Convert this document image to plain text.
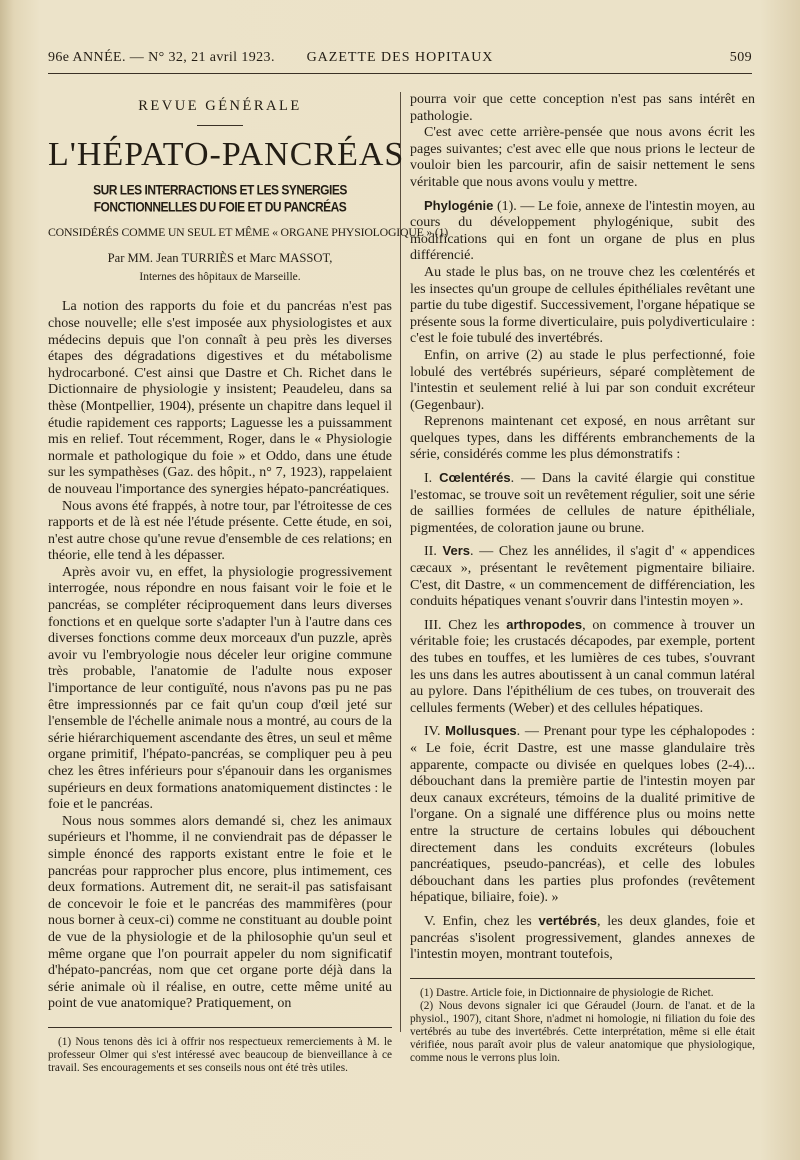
96e ANNÉE. — N° 32, 21 avril 1923.	GAZETTE DES HOPITAUX	509
REVUE GÉNÉRALE
L'HÉPATO-PANCRÉAS
SUR LES INTERRACTIONS ET LES SYNERGIES FONCTIONNELLES DU FOIE ET DU PANCRÉAS
CONSIDÉRÉS COMME UN SEUL ET MÊME « ORGANE PHYSIOLOGIQUE » (1)
Par MM. Jean TURRIÈS et Marc MASSOT,
Internes des hôpitaux de Marseille.

La notion des rapports du foie et du pancréas n'est pas chose nouvelle; elle s'est imposée aux physiologistes et aux médecins depuis que l'on connaît à peu près les diverses étapes des dégradations digestives et du métabolisme hydrocarboné. C'est ainsi que Dastre et Ch. Richet dans le Dictionnaire de physiologie y insistent; Peaudeleu, dans sa thèse (Montpellier, 1904), présente un chapitre dans lequel il étudie rapidement ces rapports; Laguesse les a puissamment mis en relief. Tout récemment, Roger, dans le « Physiologie normale et pathologique du foie » et Oddo, dans une étude sur les sympathèses (Gaz. des hôpit., n° 7, 1923), rappelaient de nouveau l'importance des synergies hépato-pancréatiques.

Nous avons été frappés, à notre tour, par l'étroitesse de ces rapports et de là est née l'étude présente. Cette étude, en soi, n'est autre chose qu'une revue d'ensemble de ces relations; en théorie, elle tend à les dépasser.

Après avoir vu, en effet, la physiologie progressivement interrogée, nous répondre en nous faisant voir le foie et le pancréas, se compléter réciproquement dans leurs diverses fonctions et en quelque sorte s'adapter l'un à l'autre dans ces diverses fonctions comme deux morceaux d'un puzzle, après avoir vu l'embryologie nous déceler leur origine commune très probable, l'anatomie de l'adulte nous exposer l'importance de leur contiguïté, nous n'avons pas pu ne pas être impressionnés par ce fait qu'un coup d'œil jeté sur l'ensemble de l'échelle animale nous a montré, au cours de la série hiérarchiquement ascendante des êtres, un seul et même organe primitif, l'hépato-pancréas, se compliquer peu à peu chez les êtres inférieurs pour s'épanouir dans les organismes supérieurs en deux formations anatomiquement distinctes : le foie et le pancréas.

Nous nous sommes alors demandé si, chez les animaux supérieurs et l'homme, il ne conviendrait pas de dépasser le simple énoncé des rapports existant entre le foie et le pancréas pour rapprocher plus encore, plus intimement, ces deux formations. Autrement dit, ne serait-il pas satisfaisant de concevoir le foie et le pancréas des mammifères (pour nous borner à ceux-ci) comme ne constituant au double point de vue de la physiologie et de la philosophie qu'un seul et même organe que l'on pourrait appeler du nom significatif d'hépato-pancréas, nom que cet organe porte déjà dans la série animale où il réalise, en outre, cette même unité au point de vue anatomique? Pratiquement, on

(1) Nous tenons dès ici à offrir nos respectueux remerciements à M. le professeur Olmer qui s'est intéressé avec beaucoup de bienveillance à ce travail. Ses encouragements et ses conseils nous ont été très utiles.

pourra voir que cette conception n'est pas sans intérêt en pathologie.

C'est avec cette arrière-pensée que nous avons écrit les pages suivantes; c'est avec elle que nous prions le lecteur de vouloir bien les parcourir, afin de saisir nettement le sens véritable que nous avons voulu y mettre.

Phylogénie (1). — Le foie, annexe de l'intestin moyen, au cours du développement phylogénique, subit des modifications qui en font un organe de plus en plus différencié.

Au stade le plus bas, on ne trouve chez les cœlentérés et les insectes qu'un groupe de cellules épithéliales revêtant une partie du tube digestif. Successivement, l'organe hépatique se présente sous la forme diverticulaire, puis polydiverticulaire : c'est le foie tubulé des invertébrés.

Enfin, on arrive (2) au stade le plus perfectionné, foie lobulé des vertébrés supérieurs, séparé complètement de l'intestin et seulement relié à lui par son conduit excréteur (Gegenbaur).

Reprenons maintenant cet exposé, en nous arrêtant sur quelques types, dans les différents embranchements de la série, considérés comme les plus démonstratifs :

I. Cœlentérés. — Dans la cavité élargie qui constitue l'estomac, se trouve soit un revêtement régulier, soit une série de saillies formées de cellules de nature épithéliale, pigmentées, de coloration jaune ou brune.

II. Vers. — Chez les annélides, il s'agit d' « appendices cæcaux », présentant le revêtement pigmentaire biliaire. C'est, dit Dastre, « un commencement de différenciation, les conduits hépatiques venant s'ouvrir dans l'intestin moyen ».

III. Chez les arthropodes, on commence à trouver un véritable foie; les crustacés décapodes, par exemple, portent des tubes en touffes, et les lumières de ces tubes, s'ouvrant les uns dans les autres aboutissent à un canal commun latéral au pylore. Dans l'épithélium de ces tubes, on trouverait des cellules ferments (Weber) et des cellules hépatiques.

IV. Mollusques. — Prenant pour type les céphalopodes : « Le foie, écrit Dastre, est une masse glandulaire très apparente, compacte ou divisée en quelques lobes (2-4)... débouchant dans la première partie de l'intestin moyen par deux canaux excréteurs, témoins de la dualité primitive de l'organe. On a signalé une différence plus ou moins nette entre la structure de certains lobules qui débouchent directement dans les conduits excréteurs (lobules pancréatiques, pseudo-pancréas), et celle des lobules débouchant dans les parties plus profondes (revêtement hépatique, biliaire, foie). »

V. Enfin, chez les vertébrés, les deux glandes, foie et pancréas s'isolent progressivement, glandes annexes de l'intestin moyen, montrant toutefois,

(1) Dastre. Article foie, in Dictionnaire de physiologie de Richet.
(2) Nous devons signaler ici que Géraudel (Journ. de l'anat. et de la physiol., 1907), citant Shore, n'admet ni homologie, ni filiation du foie des vertébrés au tube des invertébrés. Cette interprétation, même si elle était vérifiée, nous paraît avoir plus de valeur anatomique que physiologique, comme nous le verrons plus loin.
